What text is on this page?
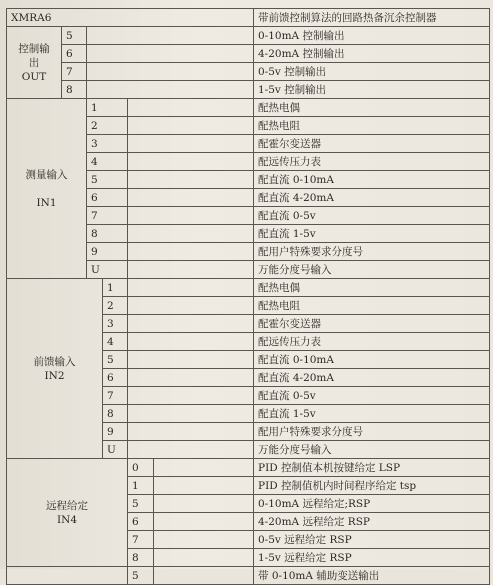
XMRA6						带前馈控制算法的回路热备沉余控制器
控制输
出
OUT	5					0-10mA 控制输出
	6					4-20mA 控制输出
	7					0-5v 控制输出
	8					1-5v 控制输出
测量输入

IN1		1				配热电偶
		2				配热电阻
		3				配霍尔变送器
		4				配远传压力表
		5				配直流 0-10mA
		6				配直流 4-20mA
		7				配直流 0-5v
		8				配直流 1-5v
		9				配用户特殊要求分度号
		U				万能分度号输入
前馈输入
IN2			1			配热电偶
			2			配热电阻
			3			配霍尔变送器
			4			配远传压力表
			5			配直流 0-10mA
			6			配直流 4-20mA
			7			配直流 0-5v
			8			配直流 1-5v
			9			配用户特殊要求分度号
			U			万能分度号输入
远程给定
IN4				0		PID 控制值本机按键给定 LSP
				1		PID 控制值机内时间程序给定 tsp
				5		0-10mA 远程给定;RSP
				6		4-20mA 远程给定 RSP
				7		0-5v 远程给定 RSP
				8		1-5v 远程给定 RSP
				5		带 0-10mA 辅助变送输出
